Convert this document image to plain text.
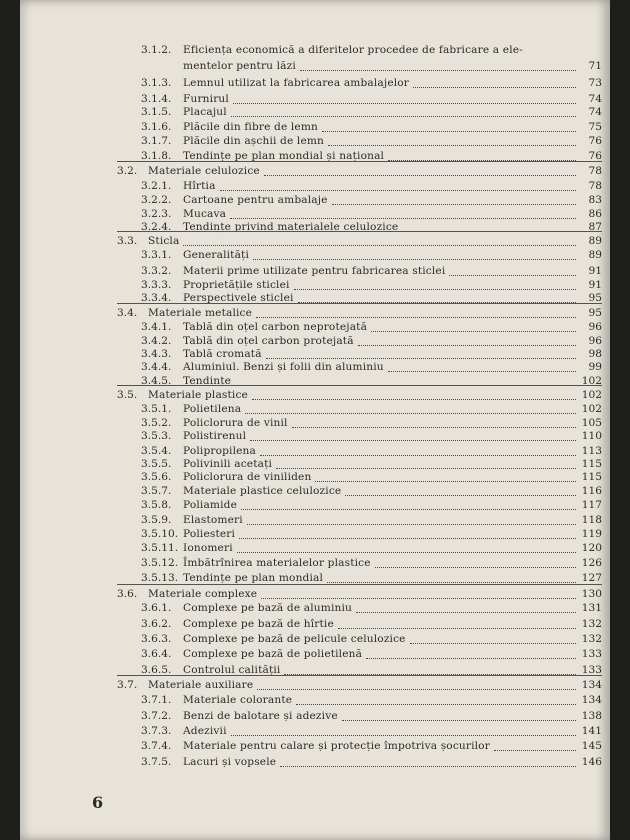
3.1.2.	Eficiența economică a diferitelor procedee de fabricare a ele-
mentelor pentru lăzi	71
3.1.3.	Lemnul utilizat la fabricarea ambalajelor	73
3.1.4.	Furnirul	74
3.1.5.	Placajul	74
3.1.6.	Plăcile din fibre de lemn	75
3.1.7.	Plăcile din așchii de lemn	76
3.1.8.	Tendințe pe plan mondial și național	76
3.2.	Materiale celulozice	78
3.2.1.	Hîrtia	78
3.2.2.	Cartoane pentru ambalaje	83
3.2.3.	Mucava	86
3.2.4.	Tendințe privind materialele celulozice	87
3.3.	Sticla	89
3.3.1.	Generalități	89
3.3.2.	Materii prime utilizate pentru fabricarea sticlei	91
3.3.3.	Proprietățile sticlei	91
3.3.4.	Perspectivele sticlei	95
3.4.	Materiale metalice	95
3.4.1.	Tablă din oțel carbon neprotejată	96
3.4.2.	Tablă din oțel carbon protejată	96
3.4.3.	Tablă cromată	98
3.4.4.	Aluminiul. Benzi și folii din aluminiu	99
3.4.5.	Tendințe	102
3.5.	Materiale plastice	102
3.5.1.	Polietilena	102
3.5.2.	Policlorura de vinil	105
3.5.3.	Polistirenul	110
3.5.4.	Polipropilena	113
3.5.5.	Polivinili acetați	115
3.5.6.	Policlorura de viniliden	115
3.5.7.	Materiale plastice celulozice	116
3.5.8.	Poliamide	117
3.5.9.	Elastomeri	118
3.5.10. Poliesteri	119
3.5.11. Ionomeri	120
3.5.12. Îmbătrînirea materialelor plastice	126
3.5.13. Tendințe pe plan mondial	127
3.6.	Materiale complexe	130
3.6.1.	Complexe pe bază de aluminiu	131
3.6.2.	Complexe pe bază de hîrtie	132
3.6.3.	Complexe pe bază de pelicule celulozice	132
3.6.4.	Complexe pe bază de polietilenă	133
3.6.5.	Controlul calității	133
3.7.	Materiale auxiliare	134
3.7.1.	Materiale colorante	134
3.7.2.	Benzi de balotare și adezive	138
3.7.3.	Adezivii	141
3.7.4.	Materiale pentru calare și protecție împotriva șocurilor	145
3.7.5.	Lacuri și vopsele	146
6
